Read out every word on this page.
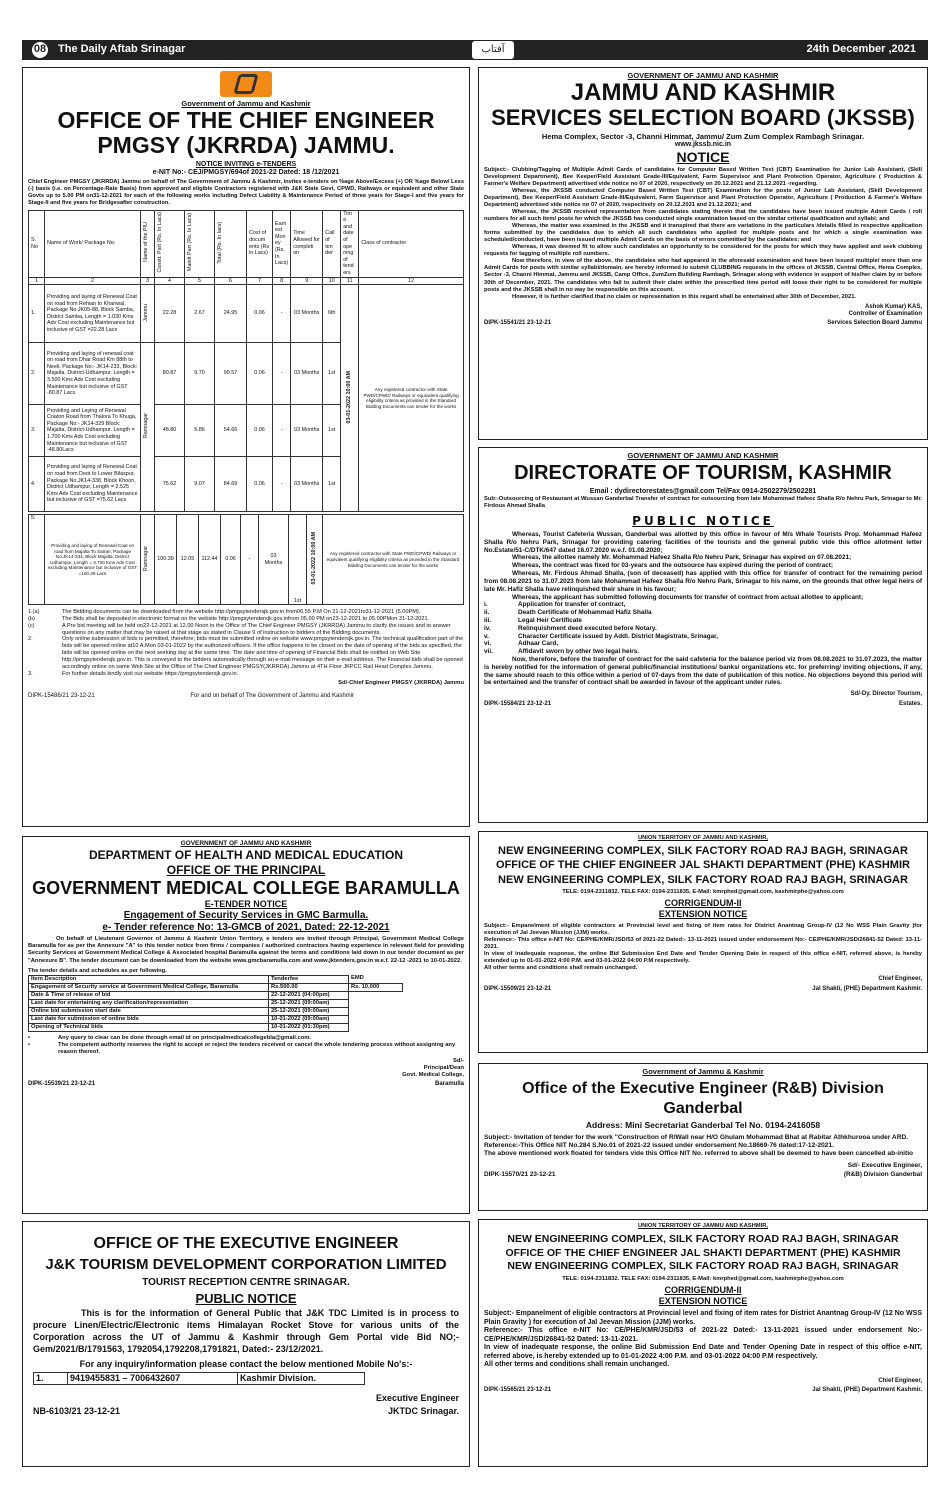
08	The Daily Aftab Srinagar	آفتاب	24th December ,2021
Government of Jammu and Kashmir
OFFICE OF THE CHIEF ENGINEER
PMGSY (JKRRDA) JAMMU.
NOTICE INVITING e-TENDERS
e-NIT No:- CEJ/PMGSY/694of 2021-22 Dated: 18 /12/2021
Chief Engineer PMGSY (JKRRDA) Jammu on behalf of The Government of Jammu & Kashmir, invites e-tenders on %age Above/Excess (+) OR %age Below/ Less (-) basis (i.e. on Percentage-Rate Basis) from approved and eligible Contractors registered with J&K State Govt, CPWD, Railways or equivalent and other State Govts up to 5.00 PM on31-12-2021 for each of the following works including Defect Liability & Maintenance Period of three years for Stage-I and five years for Stage-II and five years for Bridgesafter construction.
S. No	Name of Work/ Package No.	Name of the PIU	Constt. Part (Rs. In Lacs)	Maintt Part (Rs. In Lacs)	Total (Rs. In lacs)	Cost of docum ents (Rs in Lacs)	Earn est Mon ey (Rs. In Lacs)	Time Allowed for completi on	Call of ten der	Tim e and date of ope ning of tend ers	Class of contractor
1	2	3	4	5	6	7	8	9	10	11	12
1.	Providing and laying of Renewal Coat on road from Rehian to Khanwal, Package No.JK05-88, Block Samba, District Samba, Length = 1.030 Kms Adv Cost excluding Maintenance but inclusive of GST =22.28 Lacs	Jammu	22.28	2.67	24.95	0.06	-	03 Months	6th	03-01-2022 10:00 AM	Any registered contractor with State PWD/CPWD/ Railways or equivalent qualifying eligibility criteria as provided in the Standard Bidding Documents can tender for the works
2.	Providing and laying of renewal coat on road from Dhar Road Km 88th to Neeli. Package No:- JK14-233, Block: Majalta, District-Udhampur. Length = 3.500 Kms Adv Cost excluding Maintenance but inclusive of GST -80.87 Lacs	Ramnagar	80.87	9.70	90.57	0.06	-	03 Months	1st		
3.	Providing and Laying of Renewal Coaton Road from Thalora To Khuga, Package No:- JK14-329 Block: Majalta, District-Udhampur. Length = 1.700 Kms Adv Cost excluding Maintenance but inclusive of GST -48.80Lacs		48.80	5.86	54.66	0.06	-	03 Months	1st		
4.	Providing and laying of Renewal Coat on road from Deot to Lower Bilaspur, Package No.JK14-338, Block Khoon, District Udhampur, Length = 2.525 Kms Adv Cost excluding Maintenance but inclusive of GST =75.62 Lacs		75.62	9.07	84.69	0.06	-	03 Months	1st		
5.	Providing and laying of Renewal Coat on road from Majalta To Satrari, Package No.JK14-334, Block Majalta, District Udhampur, Length = 3.700 Kms Adv Cost excluding Maintenance but inclusive of GST =100.39 Lacs	Ramnagar	100.39	12.05	112.44	0.06	-	03 Months	1st	03-01-2022 10:00 AM	Any registered contractor with State PWD/CPWD/ Railways or equivalent qualifying eligibility criteria as provided in the Standard Bidding Documents can tender for the works
1.(a)	The Bidding documents can be downloaded from the website http://pmgsytendersjk.gov.in from06.55 P.M On 21-12-2021to31-12-2021 (5.00PM).
(b)	The Bids shall be deposited in electronic format on the website http://pmgsytendersjk.gov.infrom 05.00 PM on23-12-2021 to 05.00PMon 31-12-2021.
(c)	A Pre bid meeting will be held on22-12-2021 at 12.00 Noon in the Office of The Chief Engineer PMGSY (JKRRDA) Jammu to clarify the issues and to answer questions on any matter that may be raised at that stage as stated in Clause 9 of instruction to bidders of the Bidding documents.
2.	Only online submission of bids is permitted, therefore; bids must be submitted online on website www.pmgsytendersjk.gov.in. The technical qualification part of the bids will be opened online at10 A.Mon 03-01-2022 by the authorized officers. If the office happens to be closed on the date of opening of the bids as specified, the bids will be opened online on the next working day at the same time. The date and time of opening of Financial Bids shall be notified on Web Site http://pmgsytendersjk.gov.in. This is conveyed to the bidders automatically through an e-mail message on their e-mail address. The Financial bids shall be opened accordingly online on same Web Site at the Office of The Chief Engineer PMGSY(JKRRDA) Jammu at 4TH Floor JKPCC Rail Head Complex Jammu.
3.	For further details kindly visit our website https://pmgsytendersjk.gov.in.
Sd/-Chief Engineer PMGSY (JKRRDA) Jammu
DIPK-15486/21 23-12-21	For and on behalf of The Government of Jammu and Kashmir
GOVERNMENT OF JAMMU AND KASHMIR
JAMMU AND KASHMIR
SERVICES SELECTION BOARD (JKSSB)
Hema Complex, Sector -3, Channi Himmat, Jammu/ Zum Zum Complex Rambagh Srinagar.
www.jkssb.nic.in
NOTICE
Subject:- Clubbing/Tagging of Multiple Admit Cards of candidates for Computer Based Written Test (CBT) Examination for Junior Lab Assistant, (Skill Development Department), Bee Keeper/Field Assistant Grade-III/Equivalent, Farm Supervisor and Plant Protection Operator, Agriculture ( Production & Farmer's Welfare Department) advertised vide notice no 07 of 2020, respectively on 20.12.2021 and 21.12.2021 -regarding.
Whereas, the JKSSB conducted Computer Based Written Test (CBT) Examination for the posts of Junior Lab Assistant, (Skill Development Department), Bee Keeper/Field Assistant Grade-III/Equivalent, Farm Supervisor and Plant Protection Operator, Agriculture ( Production & Farmer's Welfare Department) advertised vide notice no 07 of 2020, respectively on 20.12.2021 and 21.12.2021; and
Whereas, the JKSSB received representation from candidates stating therein that the candidates have been issued multiple Admit Cards / roll numbers for all such item/ posts for which the JKSSB has conducted single examination based on the similar criteria/ qualification and syllabi; and
Whereas, the matter was examined in the JKSSB and it transpired that there are variations in the particulars /details filled in respective application forms submitted by the candidates due to which all such candidates who applied for multiple posts and for which a single examination was scheduled/conducted, have been issued multiple Admit Cards on the basis of errors committed by the candidates; and
Whereas, it was deemed fit to allow such candidates an opportunity to be considered for the posts for which they have applied and seek clubbing requests for tagging of multiple roll numbers.
Now therefore, in view of the above, the candidates who had appeared in the aforesaid examination and have been issued multiple/ more than one Admit Cards for posts with similar syllabi/domain, are hereby informed to submit CLUBBING requests in the offices of JKSSB, Central Office, Hema Complex, Sector -3, Channi Himmat, Jammu and JKSSB, Camp Office, ZumZum Building Rambagh, Srinagar along with evidence in support of his/her claim by or before 30th of December, 2021. The candidates who fail to submit their claim within the prescribed time period will loose their right to be considered for multiple posts and the JKSSB shall in no way be responsible on this account.
However, it is further clarified that no claim or representation in this regard shall be entertained after 30th of December, 2021.
Ashok Kumar) KAS,
Controller of Examination
DIPK-15541/21 23-12-21	Services Selection Board Jammu
GOVERNMENT OF JAMMU AND KASHMIR
DIRECTORATE OF TOURISM, KASHMIR
Email : dydirectorestates@gmail.com Tel/Fax 0914-2502279/2502281
Sub:-Outsourcing of Restaurant at Wussan Ganderbal Transfer of contract for outsourcing from late Mohammad Hafeez Shalla R/o Nehru Park, Srinagar to Mr. Firdous Ahmad Shalla
PUBLIC NOTICE
Whereas, Tourist Cafeteria Wussan, Ganderbal was allotted by this office in favour of M/s Whale Tourists Prop. Mohammad Hafeez Shalla R/o Nehru Park, Srinagar for providing catering facilities of the tourists and the general public vide this office allotment letter No.Estate/51-C/DTK/647 dated 16.07.2020 w.e.f. 01.08.2020;
Whereas, the allottee namely Mr. Mohammad Hafeez Shalla R/o Nehru Park, Srinagar has expired on 07.08.2021;
Whereas, the contract was fixed for 03-years and the outsource has expired during the period of contract;
Whereas, Mr. Firdous Ahmad Shalla, (son of deceased) has applied with this office for transfer of contract for the remaining period from 08.08.2021 to 31.07.2023 from late Mohammad Hafeez Shalla R/o Nehru Park, Srinagar to his name, on the grounds that other legal heirs of late Mr. Hafiz Shalla have relinquished their share in his favour;
Whereas, the applicant has submitted following documents for transfer of contract from actual allottee to applicant;
i.	Application for transfer of contract,
ii.	Death Certificate of Mohammad Hafiz Shalla
iii.	Legal Heir Certificate
iv.	Relinquishment deed executed before Notary.
v.	Character Certificate issued by Addl. District Magistrate, Srinagar,
vi.	Adhaar Card,
vii.	Affidavit sworn by other two legal heirs.
Now, therefore, before the transfer of contract for the said cafeteria for the balance period viz from 08.08.2021 to 31.07.2023, the matter is hereby notified for the information of general public/financial institutions/ banks/ organizations etc. for preferring/ inviting objections, if any, the same should reach to this office within a period of 07-days from the date of publication of this notice. No objections beyond this period will be entertained and the transfer of contract shall be awarded in favour of the applicant under rules.
Sd/-Dy. Director Tourism,
DIPK-15584/21 23-12-21	Estates.
GOVERNMENT OF JAMMU AND KASHMIR
DEPARTMENT OF HEALTH AND MEDICAL EDUCATION
OFFICE OF THE PRINCIPAL
GOVERNMENT MEDICAL COLLEGE BARAMULLA
E-TENDER NOTICE
Engagement of Security Services in GMC Barmulla.
e- Tender reference No: 13-GMCB of 2021, Dated: 22-12-2021
On behalf of Lieutenant Governor of Jammu & Kashmir Union Territory, e tenders are invited through Principal, Government Medical College Baramulla for as per the Annexure "A" to this tender notice from firms / companies / authorized contractors having experience in relevant field for providing Security Services at Government Medical College & Associated hospital Baramulla against the terms and conditions laid down in our tender document as per "Annexure B". The tender document can be downloaded from the website www.gmcbaramulla.com and www.jktenders.gov.in w.e.f. 22-12 -2021 to 10-01-2022.
The tender details and schedules as per following.
Item Description	Tenderfee	EMD
Engagement of Security service at Government Medical College, Baramulla	Rs.500.00	Rs. 10,000
Date & Time of release of bid	22-12-2021 (04:00pm)	
Last date for entertaining any clarification/representation	25-12-2021 (09:00am)	
Online bid submission start date	25-12-2021 (09:00am)	
Last date for submission of online bids	10-01-2022 (09:00am)	
Opening of Technical bids	10-01-2022 (01:30pm)	
•	Any query to clear can be done through email id on principalmedicalcollegebla@gmail.com.
•	The competent authority reserves the right to accept or reject the tenders received or cancel the whole tendering process without assigning any reason thereof.
Sd/-
Principal/Dean
Govt. Medical College,
DIPK-15539/21 23-12-21	Baramulla
UNION TERRITORY OF JAMMU AND KASHMIR,
NEW ENGINEERING COMPLEX, SILK FACTORY ROAD RAJ BAGH, SRINAGAR
OFFICE OF THE CHIEF ENGINEER JAL SHAKTI DEPARTMENT (PHE) KASHMIR
NEW ENGINEERING COMPLEX, SILK FACTORY ROAD RAJ BAGH, SRINAGAR
TELE: 0194-2311832. TELE FAX: 0194-2311835, E-Mail: kmrphed@gmail.com, kashmirphe@yahoo.com
CORRIGENDUM-II
EXTENSION NOTICE
Subject:- Empanelment of eligible contractors at Provincial level and fixing of item rates for District Anantnag Group-IV (12 No WSS Plain Gravity )for execution of Jal Jeevan Mission (JJM) works.
Reference:- This office e-NIT No: CE/PHE/KMR/JSD/53 of 2021-22 Dated:- 13-11-2021 issued under endorsement No:- CE/PHE/KMR/JSD/26841-52 Dated: 13-11-2021.
In view of inadequate response, the online Bid Submission End Date and Tender Opening Date in respect of this office e-NIT, referred above, is hereby extended up to 01-01-2022 4:00 P.M. and 03-01-2022 04:00 P.M respectively.
All other terms and conditions shall remain unchanged.
Chief Engineer,
DIPK-15509/21 23-12-21	Jal Shakti, (PHE) Department Kashmir.
Government of Jammu & Kashmir
Office of the Executive Engineer (R&B) Division Ganderbal
Address: Mini Secretariat Ganderbal Tel No. 0194-2416058
Subject:- Invitation of tender for the work "Construction of R/Wall near H/O Ghulam Mohammad Bhat at Rabitar Athkhurooa under ARD.
Reference:-This Office NIT No.284 S.No.01 of 2021-22 issued under endorsement No.18669-76 dated:17-12-2021.
The above mentioned work floated for tenders vide this Office NIT No. referred to above shall be deemed to have been cancelled ab-initio
Sd/- Executive Engineer,
DIPK-15570/21 23-12-21	(R&B) Division Ganderbal
OFFICE OF THE EXECUTIVE ENGINEER
J&K TOURISM DEVELOPMENT CORPORATION LIMITED
TOURIST RECEPTION CENTRE SRINAGAR.
PUBLIC NOTICE
This is for the information of General Public that J&K TDC Limited is in process to procure Linen/Electric/Electronic items Himalayan Rocket Stove for various units of the Corporation across the UT of Jammu & Kashmir through Gem Portal vide Bid NO;- Gem/2021/B/1791563, 1792054,1792208,1791821, Dated:- 23/12/2021.
For any inquiry/information please contact the below mentioned Mobile No's:-
1.	9419455831 – 7006432607	Kashmir Division.
Executive Engineer
NB-6103/21 23-12-21	JKTDC Srinagar.
UNION TERRITORY OF JAMMU AND KASHMIR,
NEW ENGINEERING COMPLEX, SILK FACTORY ROAD RAJ BAGH, SRINAGAR
OFFICE OF THE CHIEF ENGINEER JAL SHAKTI DEPARTMENT (PHE) KASHMIR
NEW ENGINEERING COMPLEX, SILK FACTORY ROAD RAJ BAGH, SRINAGAR
TELE: 0194-2311832. TELE FAX: 0194-2311835, E-Mail: kmrphed@gmail.com, kashmirphe@yahoo.com
CORRIGENDUM-II
EXTENSION NOTICE
Subject:- Empanelment of eligible contractors at Provincial level and fixing of item rates for District Anantnag Group-IV (12 No WSS Plain Gravity ) for execution of Jal Jeevan Mission (JJM) works.
Reference:- This office e-NIT No: CE/PHE/KMR/JSD/53 of 2021-22 Dated:- 13-11-2021 issued under endorsement No:-CE/PHE/KMR/JSD/26841-52 Dated: 13-11-2021.
In view of inadequate response, the online Bid Submission End Date and Tender Opening Date in respect of this office e-NIT, referred above, is hereby extended up to 01-01-2022 4:00 P.M. and 03-01-2022 04:00 P.M respectively.
All other terms and conditions shall remain unchanged.
Chief Engineer,
DIPK-15565/21 23-12-21	Jal Shakti, (PHE) Department Kashmir.
